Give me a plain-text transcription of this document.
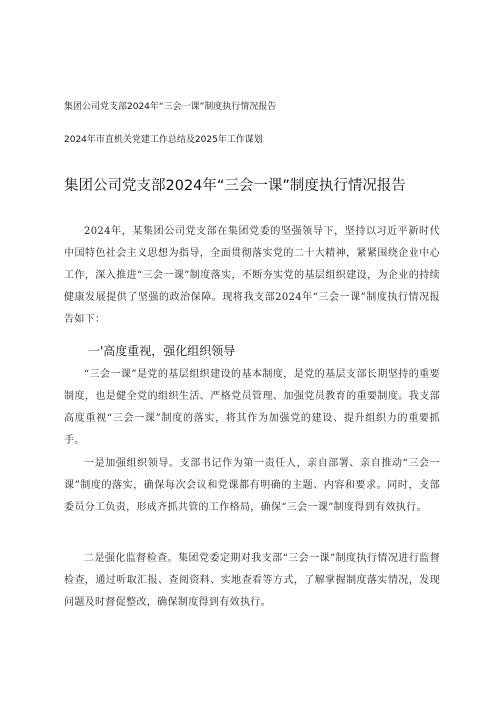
集团公司党支部2024年“三会一课”制度执行情况报告
2024年市直机关党建工作总结及2025年工作谋划
集团公司党支部2024年“三会一课”制度执行情况报告

2024年，某集团公司党支部在集团党委的坚强领导下，坚持以习近平新时代中国特色社会主义思想为指导，全面贯彻落实党的二十大精神，紧紧围绕企业中心工作，深入推进“三会一课”制度落实，不断夯实党的基层组织建设，为企业的持续健康发展提供了坚强的政治保障。现将我支部2024年“三会一课”制度执行情况报告如下：

一'高度重视，强化组织领导

“三会一课”是党的基层组织建设的基本制度，是党的基层支部长期坚持的重要制度，也是健全党的组织生活、严格党员管理、加强党员教育的重要制度。我支部高度重视“三会一课”制度的落实，将其作为加强党的建设、提升组织力的重要抓手。

一是加强组织领导。支部书记作为第一责任人，亲自部署、亲自推动“三会一课”制度的落实，确保每次会议和党课都有明确的主题、内容和要求。同时，支部委员分工负责，形成齐抓共管的工作格局，确保“三会一课”制度得到有效执行。

二是强化监督检查。集团党委定期对我支部“三会一课”制度执行情况进行监督检查，通过听取汇报、查阅资料、实地查看等方式，了解掌握制度落实情况，发现问题及时督促整改，确保制度得到有效执行。
